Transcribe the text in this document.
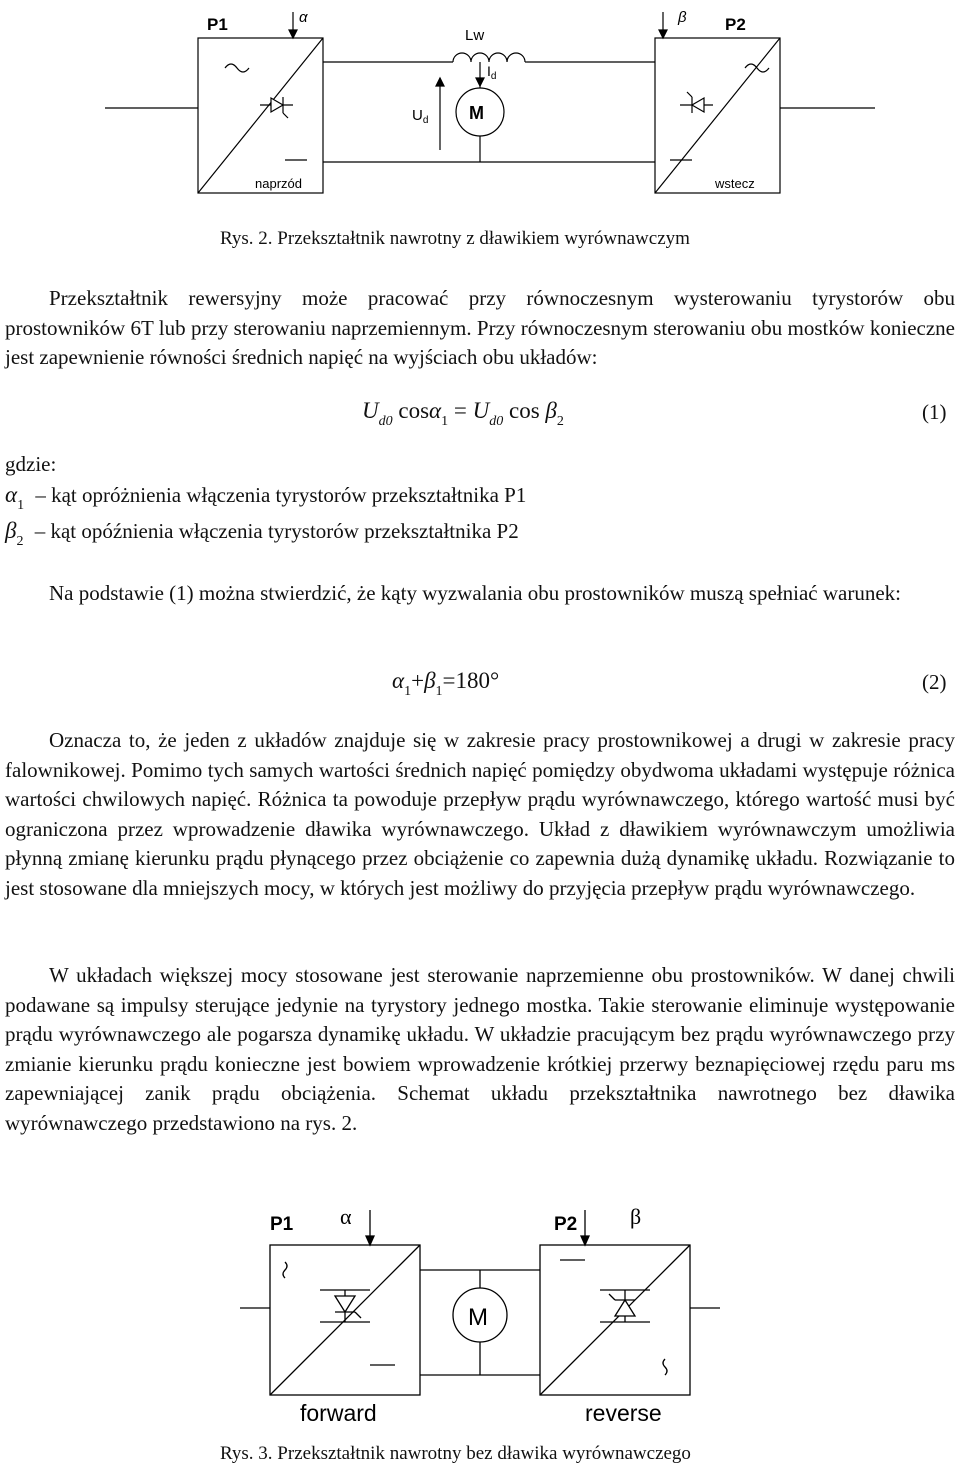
P1	α
Lw
$I_d$
$U_d$ M
β P2
naprzód	wstecz
Rys. 2. Przekształtnik nawrotny z dławikiem wyrównawczym
Przekształtnik rewersyjny może pracować przy równoczesnym wysterowaniu tyrystorów obu prostowników 6T lub przy sterowaniu naprzemiennym. Przy równoczesnym sterowaniu obu mostków konieczne jest zapewnienie równości średnich napięć na wyjściach obu układów:
$U_{d0}$ $\cos\alpha_1 = U_{d0}$ $\cos \beta_2$	(1)
gdzie:
$\alpha_1$ – kąt opróżnienia włączenia tyrystorów przekształtnika P1
$\beta_2$ – kąt opóźnienia włączenia tyrystorów przekształtnika P2
Na podstawie (1) można stwierdzić, że kąty wyzwalania obu prostowników muszą spełniać warunek:
$\alpha_1+\beta_1=180^\circ$	(2)
Oznacza to, że jeden z układów znajduje się w zakresie pracy prostownikowej a drugi w zakresie pracy falownikowej. Pomimo tych samych wartości średnich napięć pomiędzy obydwoma układami występuje różnica wartości chwilowych napięć. Różnica ta powoduje przepływ prądu wyrównawczego, którego wartość musi być ograniczona przez wprowadzenie dławika wyrównawczego. Układ z dławikiem wyrównawczym umożliwia płynną zmianę kierunku prądu płynącego przez obciążenie co zapewnia dużą dynamikę układu. Rozwiązanie to jest stosowane dla mniejszych mocy, w których jest możliwy do przyjęcia przepływ prądu wyrównawczego.
W układach większej mocy stosowane jest sterowanie naprzemienne obu prostowników. W danej chwili podawane są impulsy sterujące jedynie na tyrystory jednego mostka. Takie sterowanie eliminuje występowanie prądu wyrównawczego ale pogarsza dynamikę układu. W układzie pracującym bez prądu wyrównawczego przy zmianie kierunku prądu konieczne jest bowiem wprowadzenie krótkiej przerwy beznapięciowej rzędu paru ms zapewniającej zanik prądu obciążenia. Schemat układu przekształtnika nawrotnego bez dławika wyrównawczego przedstawiono na rys. 2.
P1 α	P2 β
M
forward	reverse
Rys. 3. Przekształtnik nawrotny bez dławika wyrównawczego
